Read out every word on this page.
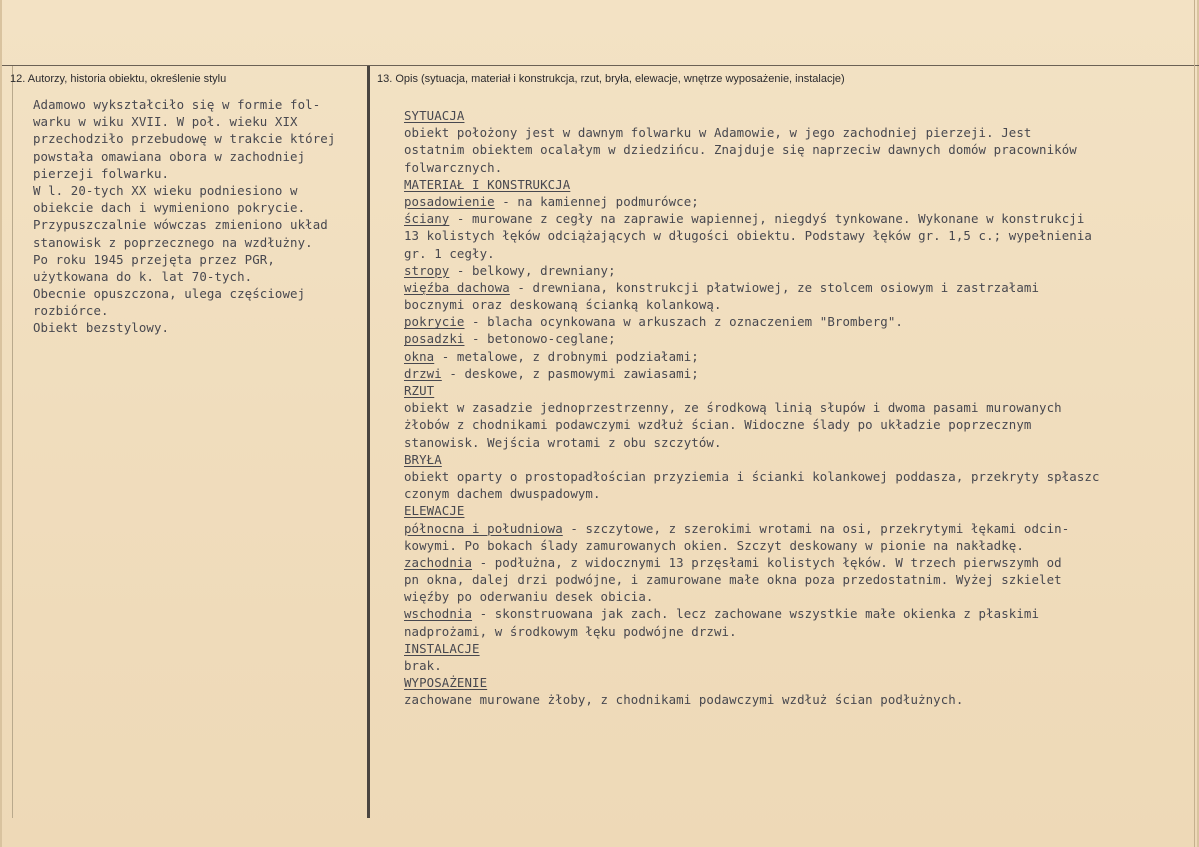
12. Autorzy, historia obiektu, określenie stylu	13. Opis (sytuacja, materiał i konstrukcja, rzut, bryła, elewacje, wnętrze wyposażenie, instalacje)
Adamowo wykształciło się w formie fol-
warku w wiku XVII. W poł. wieku XIX
przechodziło przebudowę w trakcie której
powstała omawiana obora w zachodniej
pierzeji folwarku.
W l. 20-tych XX wieku podniesiono w
obiekcie dach i wymieniono pokrycie.
Przypuszczalnie wówczas zmieniono układ
stanowisk z poprzecznego na wzdłużny.
Po roku 1945 przejęta przez PGR,
użytkowana do k. lat 70-tych.
Obecnie opuszczona, ulega częściowej
rozbiórce.
Obiekt bezstylowy.
SYTUACJA
obiekt położony jest w dawnym folwarku w Adamowie, w jego zachodniej pierzeji. Jest
ostatnim obiektem ocalałym w dziedzińcu. Znajduje się naprzeciw dawnych domów pracowników
folwarcznych.
MATERIAŁ I KONSTRUKCJA
posadowienie - na kamiennej podmurówce;
ściany - murowane z cegły na zaprawie wapiennej, niegdyś tynkowane. Wykonane w konstrukcji
13 kolistych łęków odciążających w długości obiektu. Podstawy łęków gr. 1,5 c.; wypełnienia
gr. 1 cegły.
stropy - belkowy, drewniany;
więźba dachowa - drewniana, konstrukcji płatwiowej, ze stolcem osiowym i zastrzałami
bocznymi oraz deskowaną ścianką kolankową.
pokrycie - blacha ocynkowana w arkuszach z oznaczeniem "Bromberg".
posadzki - betonowo-ceglane;
okna - metalowe, z drobnymi podziałami;
drzwi - deskowe, z pasmowymi zawiasami;
RZUT
obiekt w zasadzie jednoprzestrzenny, ze środkową linią słupów i dwoma pasami murowanych
żłobów z chodnikami podawczymi wzdłuż ścian. Widoczne ślady po układzie poprzecznym
stanowisk. Wejścia wrotami z obu szczytów.
BRYŁA
obiekt oparty o prostopadłościan przyziemia i ścianki kolankowej poddasza, przekryty spłaszc
czonym dachem dwuspadowym.
ELEWACJE
północna i południowa - szczytowe, z szerokimi wrotami na osi, przekrytymi łękami odcin-
kowymi. Po bokach ślady zamurowanych okien. Szczyt deskowany w pionie na nakładkę.
zachodnia - podłużna, z widocznymi 13 przęsłami kolistych łęków. W trzech pierwszymh od
pn okna, dalej drzi podwójne, i zamurowane małe okna poza przedostatnim. Wyżej szkielet
więźby po oderwaniu desek obicia.
wschodnia - skonstruowana jak zach. lecz zachowane wszystkie małe okienka z płaskimi
nadprożami, w środkowym łęku podwójne drzwi.
INSTALACJE
brak.
WYPOSAŻENIE
zachowane murowane żłoby, z chodnikami podawczymi wzdłuż ścian podłużnych.
